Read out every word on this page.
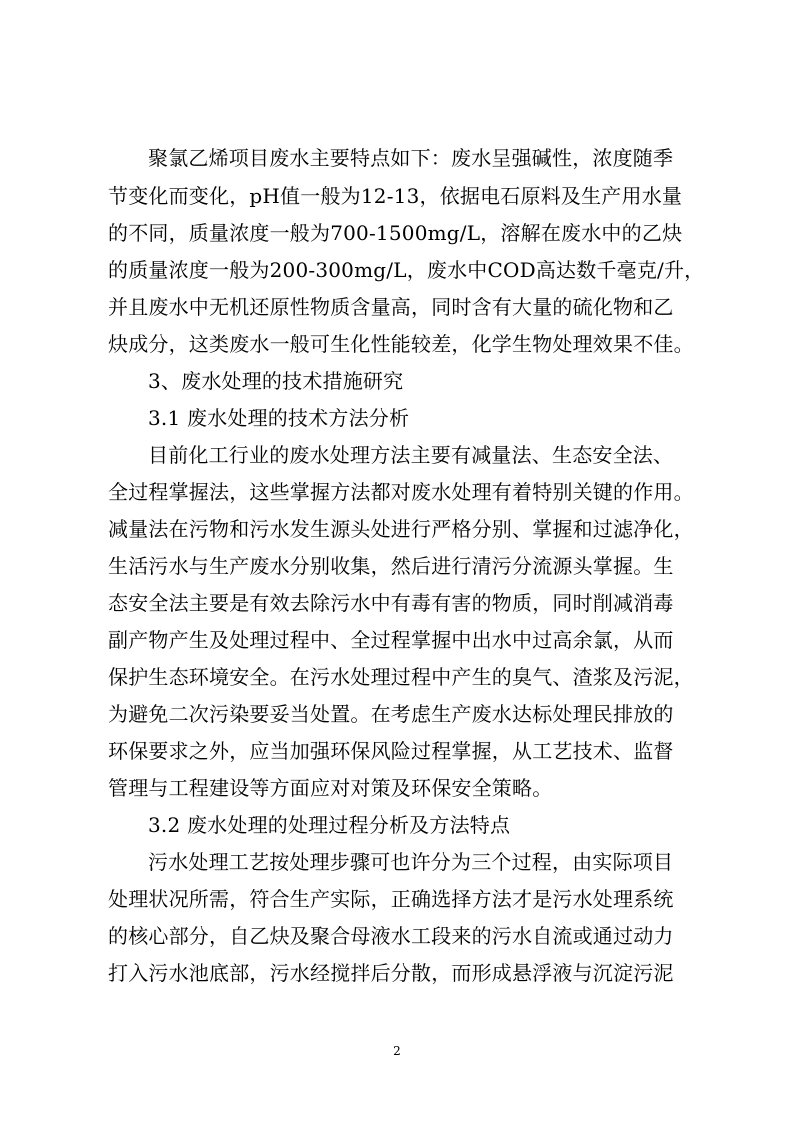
聚氯乙烯项目废水主要特点如下：废水呈强碱性，浓度随季
节变化而变化，pH值一般为12-13，依据电石原料及生产用水量
的不同，质量浓度一般为700-1500mg/L，溶解在废水中的乙炔
的质量浓度一般为200-300mg/L，废水中COD高达数千毫克/升，
并且废水中无机还原性物质含量高，同时含有大量的硫化物和乙
炔成分，这类废水一般可生化性能较差，化学生物处理效果不佳。
3、废水处理的技术措施研究
3.1 废水处理的技术方法分析
目前化工行业的废水处理方法主要有减量法、生态安全法、
全过程掌握法，这些掌握方法都对废水处理有着特别关键的作用。
减量法在污物和污水发生源头处进行严格分别、掌握和过滤净化，
生活污水与生产废水分别收集，然后进行清污分流源头掌握。生
态安全法主要是有效去除污水中有毒有害的物质，同时削减消毒
副产物产生及处理过程中、全过程掌握中出水中过高余氯，从而
保护生态环境安全。在污水处理过程中产生的臭气、渣浆及污泥，
为避免二次污染要妥当处置。在考虑生产废水达标处理民排放的
环保要求之外，应当加强环保风险过程掌握，从工艺技术、监督
管理与工程建设等方面应对对策及环保安全策略。
3.2 废水处理的处理过程分析及方法特点
污水处理工艺按处理步骤可也许分为三个过程，由实际项目
处理状况所需，符合生产实际，正确选择方法才是污水处理系统
的核心部分，自乙炔及聚合母液水工段来的污水自流或通过动力
打入污水池底部，污水经搅拌后分散，而形成悬浮液与沉淀污泥
2
